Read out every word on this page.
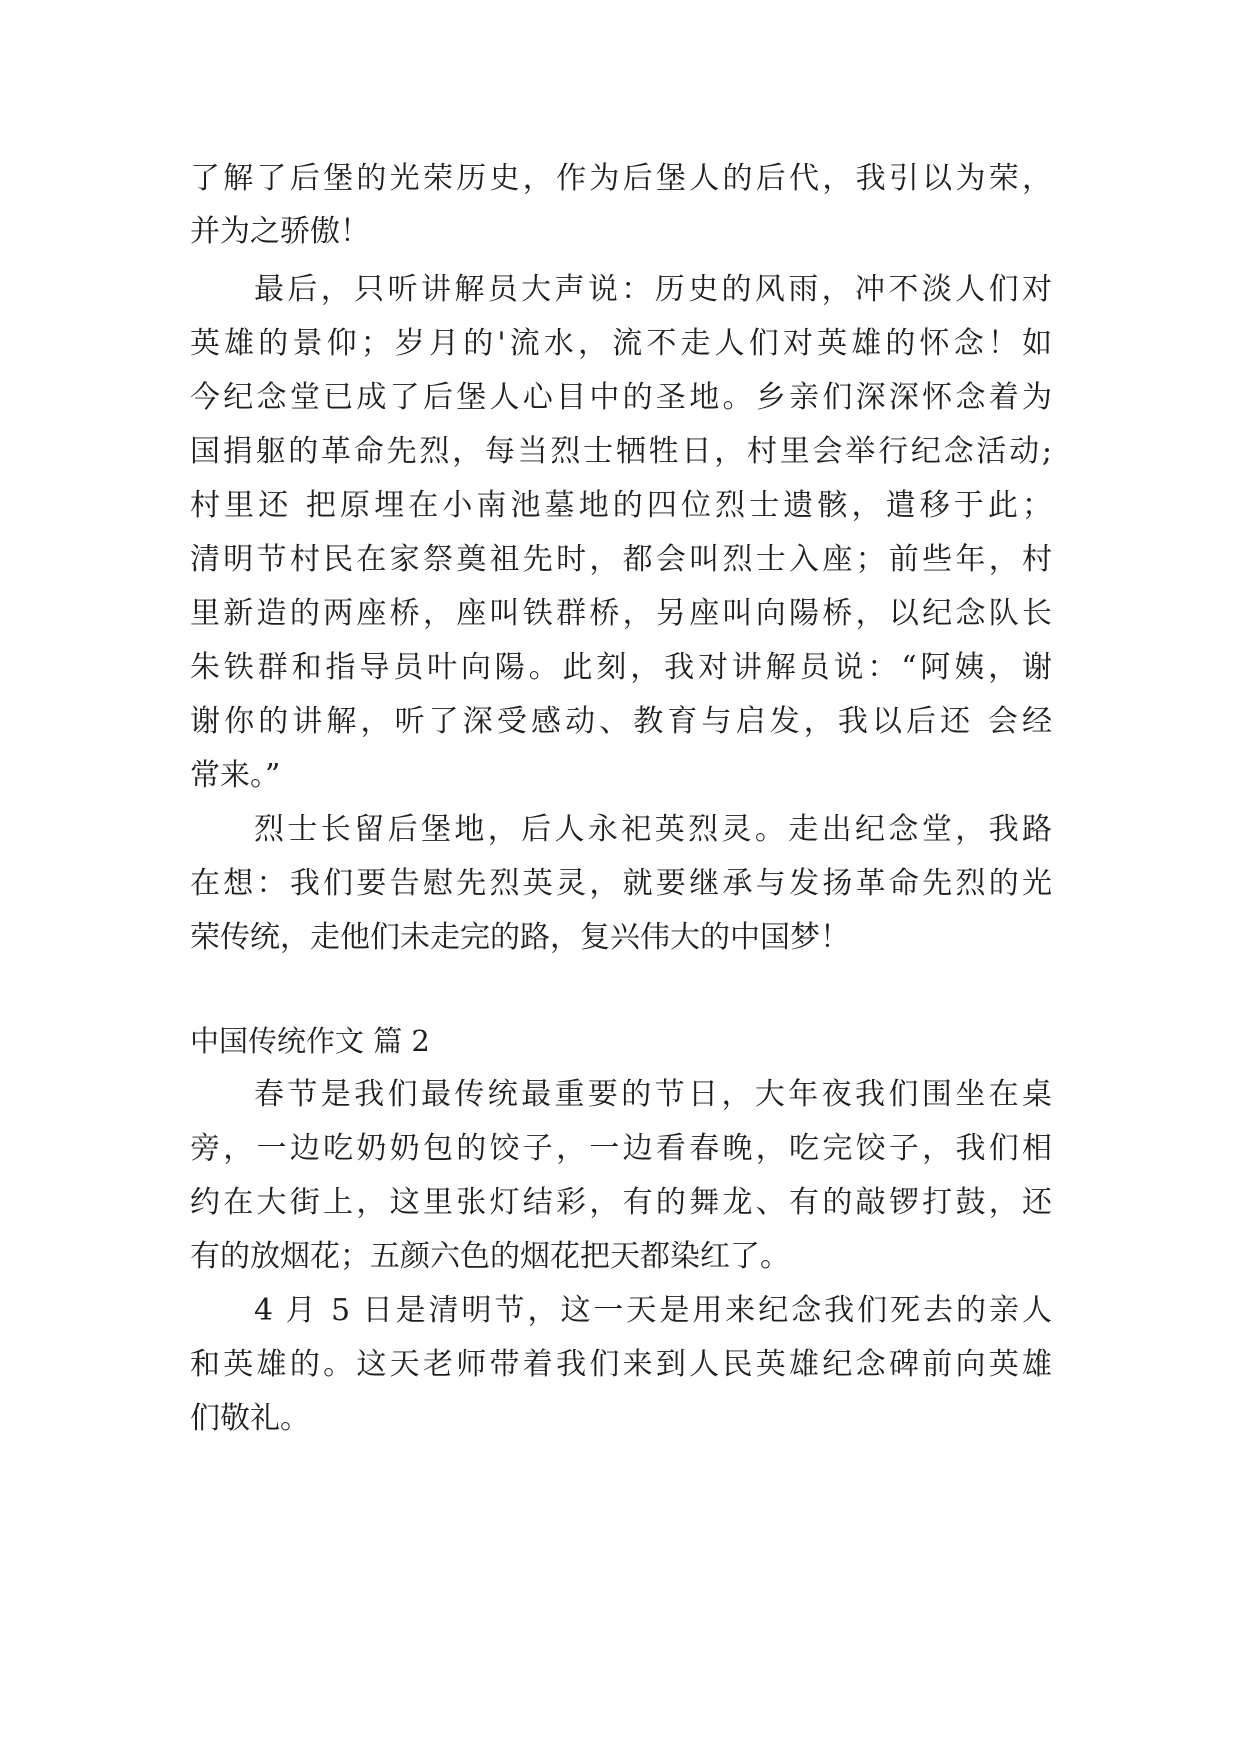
了解了后堡的光荣历史，作为后堡人的后代，我引以为荣，
并为之骄傲！
最后，只听讲解员大声说：历史的风雨，冲不淡人们对
英雄的景仰；岁月的'流水，流不走人们对英雄的怀念！如
今纪念堂已成了后堡人心目中的圣地。乡亲们深深怀念着为
国捐躯的革命先烈，每当烈士牺牲日，村里会举行纪念活动;
村里还 把原埋在小南池墓地的四位烈士遗骸，遣移于此；
清明节村民在家祭奠祖先时，都会叫烈士入座；前些年，村
里新造的两座桥，座叫铁群桥，另座叫向陽桥，以纪念队长
朱铁群和指导员叶向陽。此刻，我对讲解员说：“阿姨，谢
谢你的讲解，听了深受感动、教育与启发，我以后还 会经
常来。”
烈士长留后堡地，后人永祀英烈灵。走出纪念堂，我路
在想：我们要告慰先烈英灵，就要继承与发扬革命先烈的光
荣传统，走他们未走完的路，复兴伟大的中国梦！
中国传统作文 篇 2
春节是我们最传统最重要的节日，大年夜我们围坐在桌
旁，一边吃奶奶包的饺子，一边看春晚，吃完饺子，我们相
约在大街上，这里张灯结彩，有的舞龙、有的敲锣打鼓，还
有的放烟花；五颜六色的烟花把天都染红了。
4 月 5 日是清明节，这一天是用来纪念我们死去的亲人
和英雄的。这天老师带着我们来到人民英雄纪念碑前向英雄
们敬礼。
